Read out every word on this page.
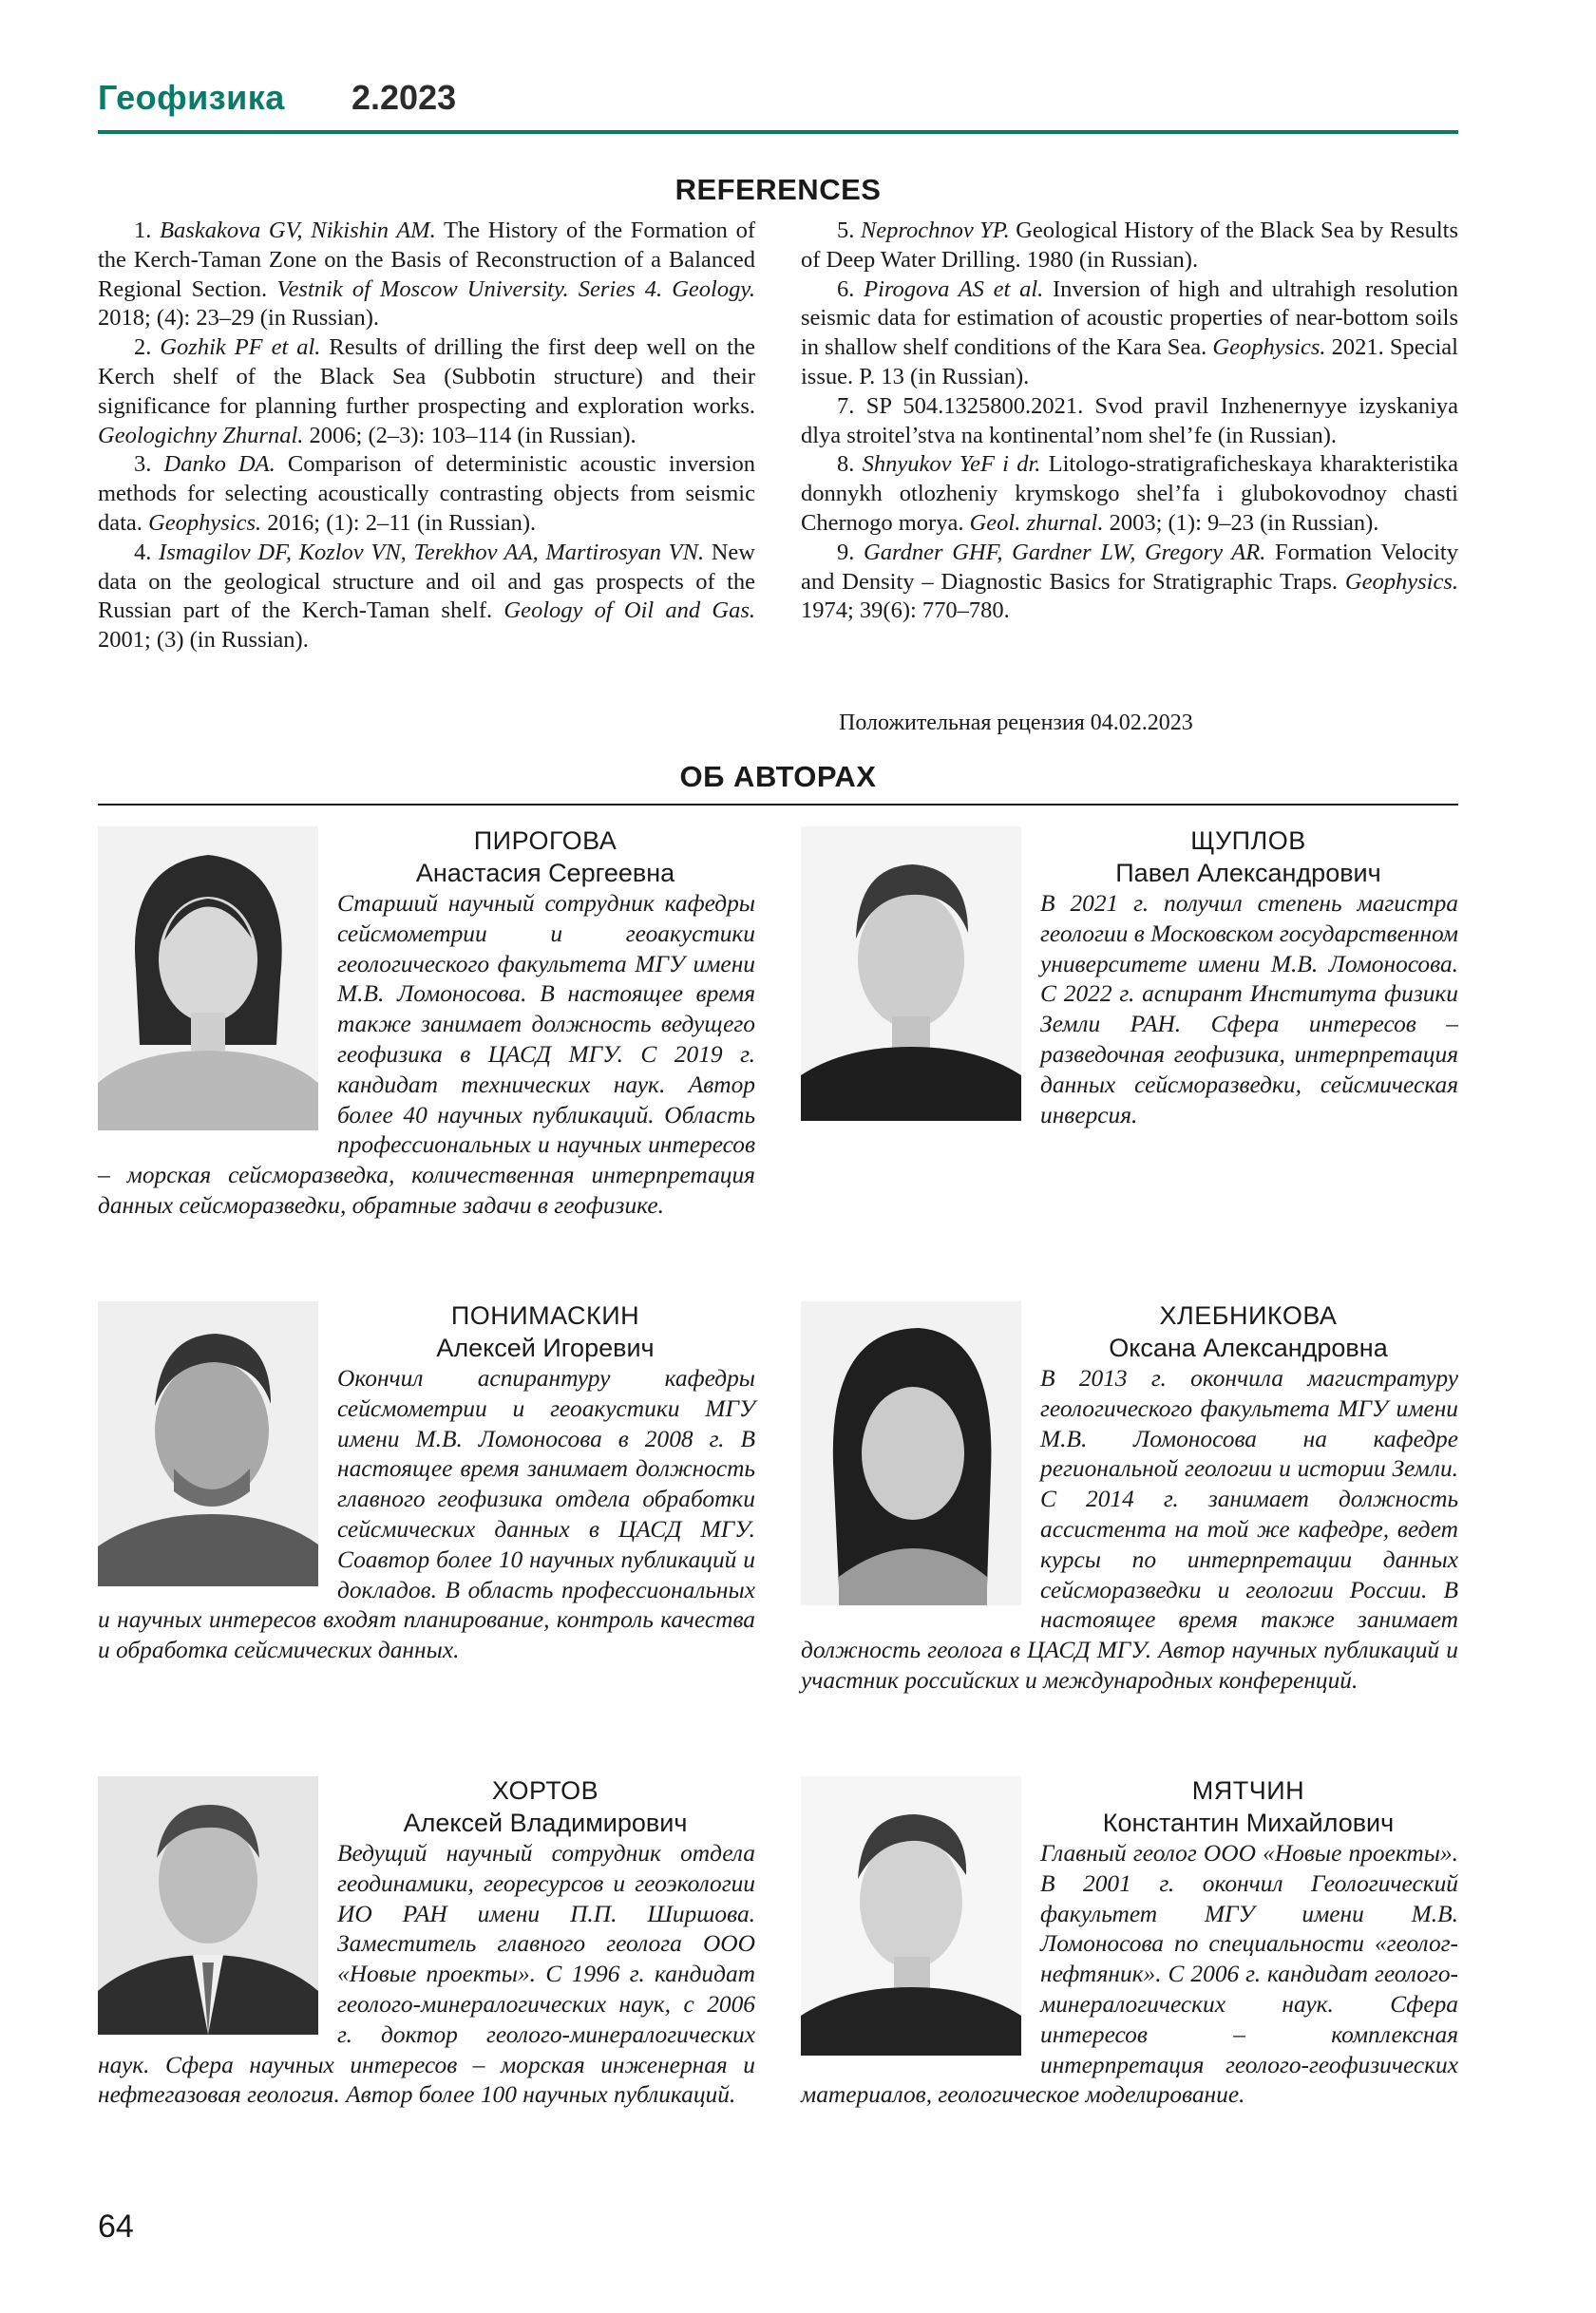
Геофизика 2.2023
REFERENCES

1. Baskakova GV, Nikishin AM. The History of the Formation of the Kerch-Taman Zone on the Basis of Reconstruction of a Balanced Regional Section. Vestnik of Moscow University. Series 4. Geology. 2018; (4): 23–29 (in Russian).

2. Gozhik PF et al. Results of drilling the first deep well on the Kerch shelf of the Black Sea (Subbotin structure) and their significance for planning further prospecting and exploration works. Geologichny Zhurnal. 2006; (2–3): 103–114 (in Russian).

3. Danko DA. Comparison of deterministic acoustic inversion methods for selecting acoustically contrasting objects from seismic data. Geophysics. 2016; (1): 2–11 (in Russian).

4. Ismagilov DF, Kozlov VN, Terekhov AA, Martirosyan VN. New data on the geological structure and oil and gas prospects of the Russian part of the Kerch-Taman shelf. Geology of Oil and Gas. 2001; (3) (in Russian).

5. Neprochnov YP. Geological History of the Black Sea by Results of Deep Water Drilling. 1980 (in Russian).

6. Pirogova AS et al. Inversion of high and ultrahigh resolution seismic data for estimation of acoustic properties of near-bottom soils in shallow shelf conditions of the Kara Sea. Geophysics. 2021. Special issue. P. 13 (in Russian).

7. SP 504.1325800.2021. Svod pravil Inzhenernyye izyskaniya dlya stroitel’stva na kontinental’nom shel’fe (in Russian).

8. Shnyukov YeF i dr. Litologo-stratigraficheskaya kharakteristika donnykh otlozheniy krymskogo shel’fa i glubokovodnoy chasti Chernogo morya. Geol. zhurnal. 2003; (1): 9–23 (in Russian).

9. Gardner GHF, Gardner LW, Gregory AR. Formation Velocity and Density – Diagnostic Basics for Stratigraphic Traps. Geophysics. 1974; 39(6): 770–780.

Положительная рецензия 04.02.2023
ОБ АВТОРАХ
ПИРОГОВА
Анастасия Сергеевна

Старший научный сотрудник кафедры сейсмометрии и геоакустики геологического факультета МГУ имени М.В. Ломоносова. В настоящее время также занимает должность ведущего геофизика в ЦАСД МГУ. С 2019 г. кандидат технических наук. Автор более 40 научных публикаций. Область профессиональных и научных интересов – морская сейсморазведка, количественная интерпретация данных сейсморазведки, обратные задачи в геофизике.

ЩУПЛОВ
Павел Александрович

В 2021 г. получил степень магистра геологии в Московском государственном университете имени М.В. Ломоносова. С 2022 г. аспирант Института физики Земли РАН. Сфера интересов – разведочная геофизика, интерпретация данных сейсморазведки, сейсмическая инверсия.

ПОНИМАСКИН
Алексей Игоревич

Окончил аспирантуру кафедры сейсмометрии и геоакустики МГУ имени М.В. Ломоносова в 2008 г. В настоящее время занимает должность главного геофизика отдела обработки сейсмических данных в ЦАСД МГУ. Соавтор более 10 научных публикаций и докладов. В область профессиональных и научных интересов входят планирование, контроль качества и обработка сейсмических данных.

ХЛЕБНИКОВА
Оксана Александровна

В 2013 г. окончила магистратуру геологического факультета МГУ имени М.В. Ломоносова на кафедре региональной геологии и истории Земли. С 2014 г. занимает должность ассистента на той же кафедре, ведет курсы по интерпретации данных сейсморазведки и геологии России. В настоящее время также занимает должность геолога в ЦАСД МГУ. Автор научных публикаций и участник российских и международных конференций.

ХОРТОВ
Алексей Владимирович

Ведущий научный сотрудник отдела геодинамики, георесурсов и геоэкологии ИО РАН имени П.П. Ширшова. Заместитель главного геолога ООО «Новые проекты». С 1996 г. кандидат геолого-минералогических наук, с 2006 г. доктор геолого-минералогических наук. Сфера научных интересов – морская инженерная и нефтегазовая геология. Автор более 100 научных публикаций.

МЯТЧИН
Константин Михайлович

Главный геолог ООО «Новые проекты». В 2001 г. окончил Геологический факультет МГУ имени М.В. Ломоносова по специальности «геолог-нефтяник». С 2006 г. кандидат геолого-минералогических наук. Сфера интересов – комплексная интерпретация геолого-геофизических материалов, геологическое моделирование.

64
